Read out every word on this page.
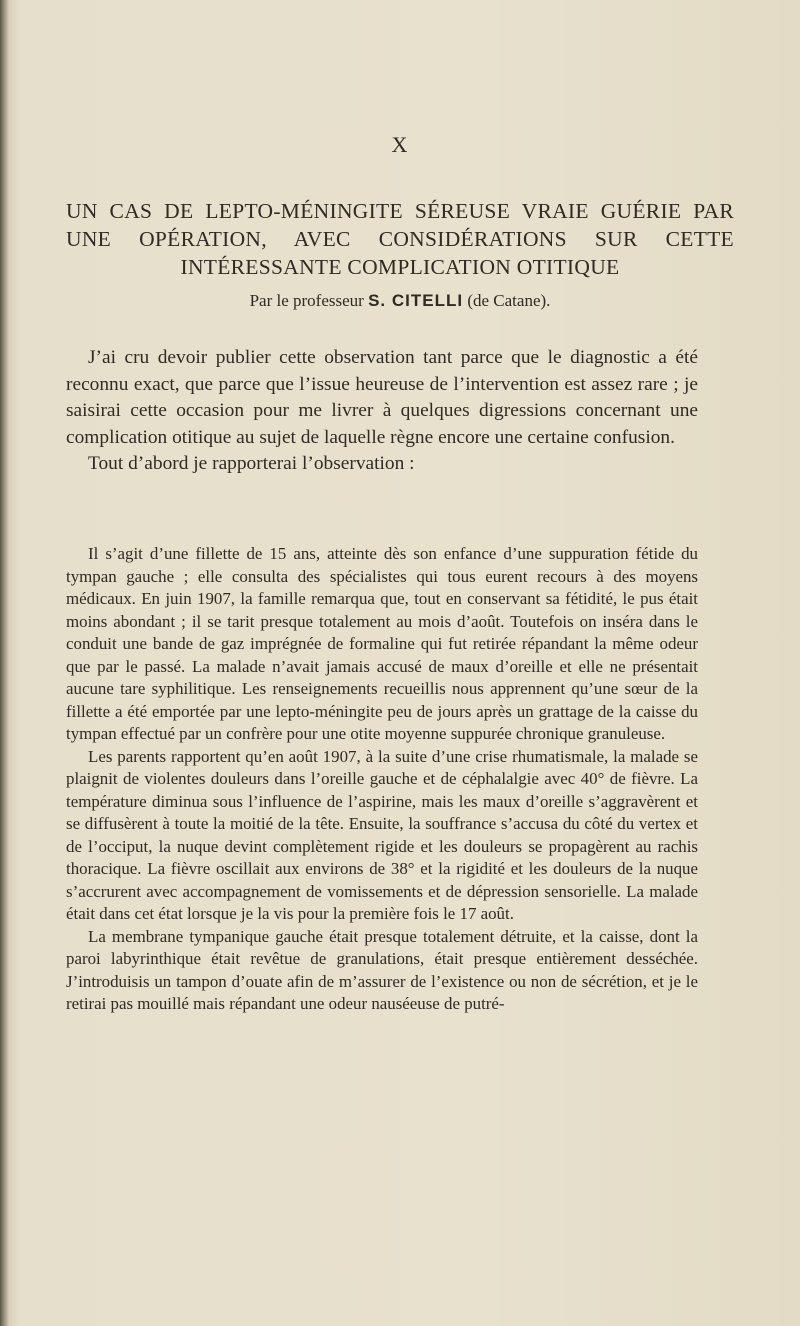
X
UN CAS DE LEPTO-MÉNINGITE SÉREUSE VRAIE GUÉRIE PAR UNE OPÉRATION, AVEC CONSIDÉRATIONS SUR CETTE INTÉRESSANTE COMPLICATION OTITIQUE
Par le professeur S. CITELLI (de Catane).

J’ai cru devoir publier cette observation tant parce que le diagnostic a été reconnu exact, que parce que l’issue heureuse de l’intervention est assez rare ; je saisirai cette occasion pour me livrer à quelques digressions concernant une complication otitique au sujet de laquelle règne encore une certaine confusion.

Tout d’abord je rapporterai l’observation :

Il s’agit d’une fillette de 15 ans, atteinte dès son enfance d’une suppuration fétide du tympan gauche ; elle consulta des spécialistes qui tous eurent recours à des moyens médicaux. En juin 1907, la famille remarqua que, tout en conservant sa fétidité, le pus était moins abondant ; il se tarit presque totalement au mois d’août. Toutefois on inséra dans le conduit une bande de gaz imprégnée de formaline qui fut retirée répandant la même odeur que par le passé. La malade n’avait jamais accusé de maux d’oreille et elle ne présentait aucune tare syphilitique. Les renseignements recueillis nous apprennent qu’une sœur de la fillette a été emportée par une lepto-méningite peu de jours après un grattage de la caisse du tympan effectué par un confrère pour une otite moyenne suppurée chronique granuleuse.

Les parents rapportent qu’en août 1907, à la suite d’une crise rhumatismale, la malade se plaignit de violentes douleurs dans l’oreille gauche et de céphalalgie avec 40° de fièvre. La température diminua sous l’influence de l’aspirine, mais les maux d’oreille s’aggravèrent et se diffusèrent à toute la moitié de la tête. Ensuite, la souffrance s’accusa du côté du vertex et de l’occiput, la nuque devint complètement rigide et les douleurs se propagèrent au rachis thoracique. La fièvre oscillait aux environs de 38° et la rigidité et les douleurs de la nuque s’accrurent avec accompagnement de vomissements et de dépression sensorielle. La malade était dans cet état lorsque je la vis pour la première fois le 17 août.

La membrane tympanique gauche était presque totalement détruite, et la caisse, dont la paroi labyrinthique était revêtue de granulations, était presque entièrement desséchée. J’introduisis un tampon d’ouate afin de m’assurer de l’existence ou non de sécrétion, et je le retirai pas mouillé mais répandant une odeur nauséeuse de putré-
